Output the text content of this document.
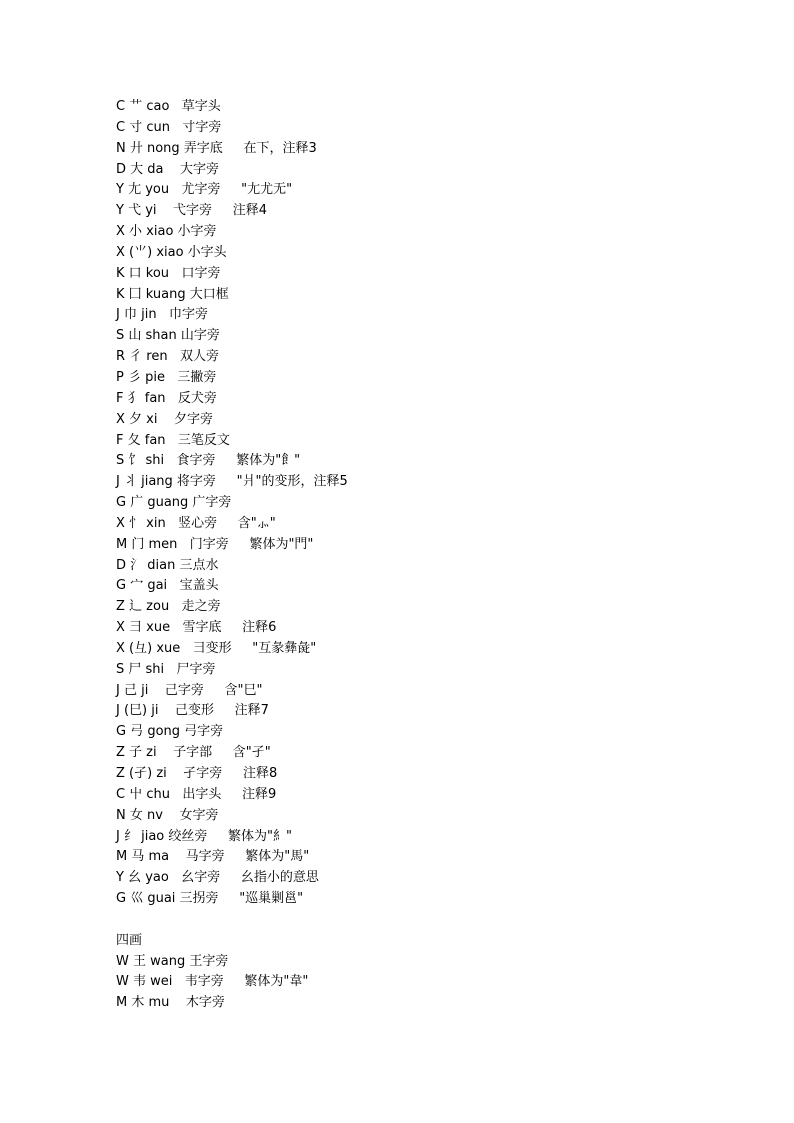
C 艹 cao   草字头
C 寸 cun   寸字旁
N 廾 nong 弄字底     在下，注释3
D 大 da    大字旁
Y 尢 you   尤字旁     "尢尤无"
Y 弋 yi    弋字旁     注释4
X 小 xiao 小字旁
X (⺌) xiao 小字头
K 口 kou   口字旁
K 囗 kuang 大口框
J 巾 jin   巾字旁
S 山 shan 山字旁
R 彳 ren   双人旁
P 彡 pie   三撇旁
F 犭 fan   反犬旁
X 夕 xi    夕字旁
F 夂 fan   三笔反文
S 饣 shi   食字旁     繁体为"飠"
J 丬 jiang 将字旁     "爿"的变形，注释5
G 广 guang 广字旁
X 忄 xin   竖心旁     含"⺗"
M 门 men   门字旁     繁体为"門"
D 氵 dian 三点水
G 宀 gai   宝盖头
Z 辶 zou   走之旁
X 彐 xue   雪字底     注释6
X (彑) xue   彐变形     "互彖彝彘"
S 尸 shi   尸字旁
J 己 ji    己字旁     含"巳"
J (巳) ji    己变形     注释7
G 弓 gong 弓字旁
Z 子 zi    子字部     含"孑"
Z (孑) zi    孑字旁     注释8
C 屮 chu   出字头     注释9
N 女 nv    女字旁
J 纟 jiao 绞丝旁     繁体为"糹"
M 马 ma    马字旁     繁体为"馬"
Y 幺 yao   幺字旁     幺指小的意思
G 巛 guai 三拐旁     "巡巢剿邕"
四画
W 王 wang 王字旁
W 韦 wei   韦字旁     繁体为"韋"
M 木 mu    木字旁
